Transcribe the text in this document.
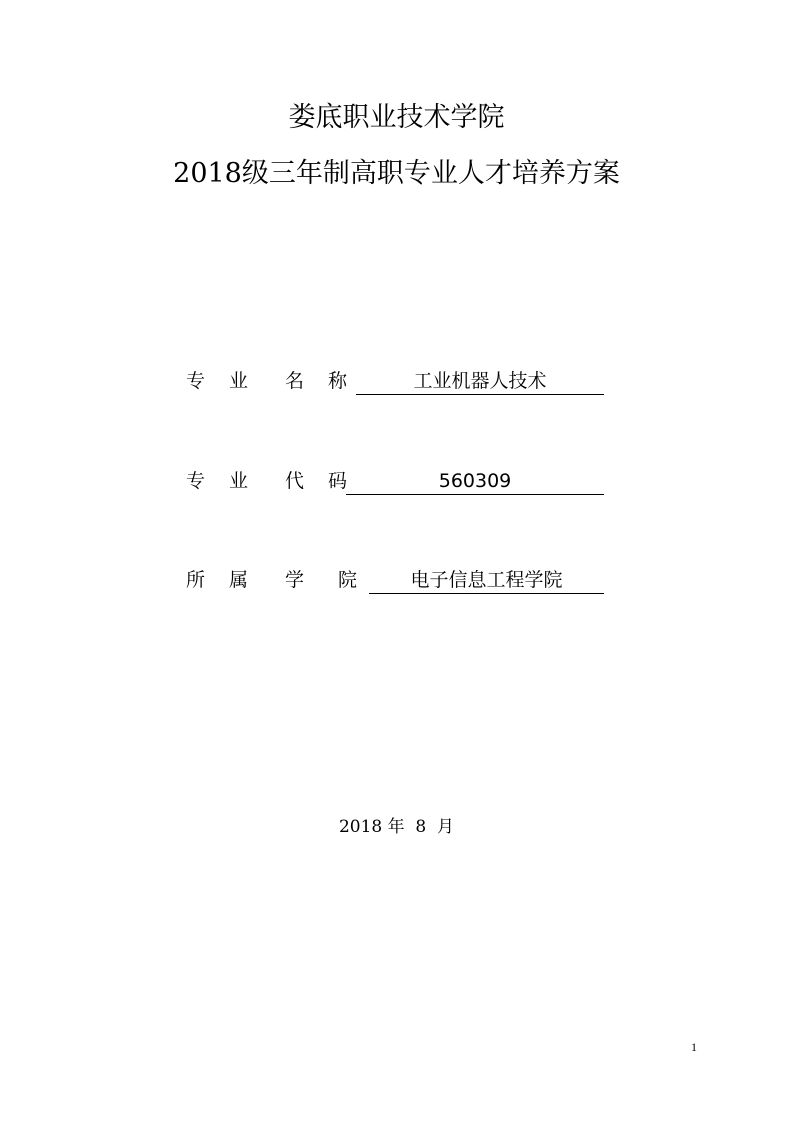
娄底职业技术学院
2018级三年制高职专业人才培养方案
专 业 名 称	工业机器人技术
专 业 代 码	560309
所 属 学 院	电子信息工程学院
2018 年  8  月
1
